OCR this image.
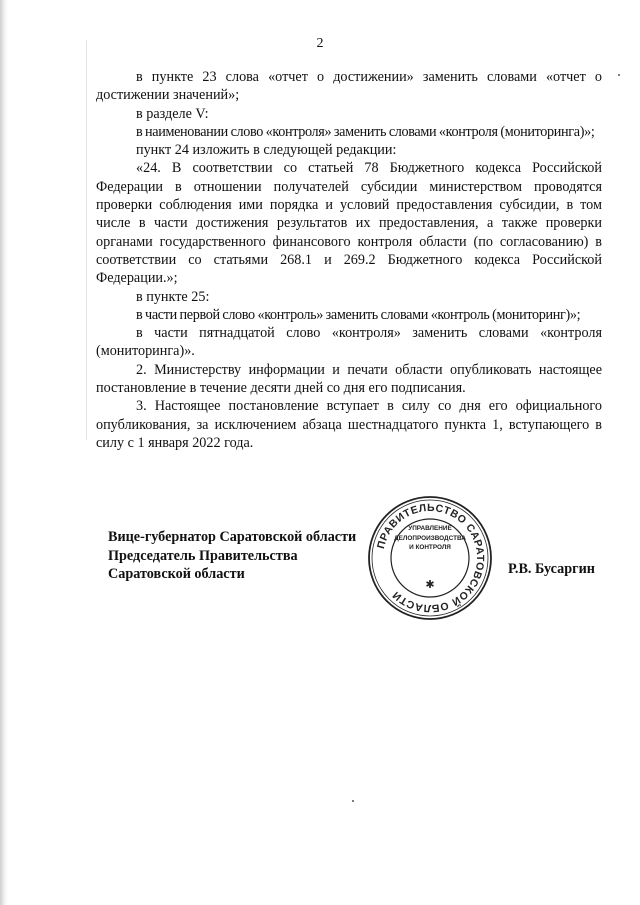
2

в пункте 23 слова «отчет о достижении» заменить словами «отчет о достижении значений»;

в разделе V:

в наименовании слово «контроля» заменить словами «контроля (мониторинга)»;

пункт 24 изложить в следующей редакции:

«24. В соответствии со статьей 78 Бюджетного кодекса Российской Федерации в отношении получателей субсидии министерством проводятся проверки соблюдения ими порядка и условий предоставления субсидии, в том числе в части достижения результатов их предоставления, а также проверки органами государственного финансового контроля области (по согласованию) в соответствии со статьями 268.1 и 269.2 Бюджетного кодекса Российской Федерации.»;

в пункте 25:

в части первой слово «контроль» заменить словами «контроль (мониторинг)»;

в части пятнадцатой слово «контроля» заменить словами «контроля (мониторинга)».

2. Министерству информации и печати области опубликовать настоящее постановление в течение десяти дней со дня его подписания.

3. Настоящее постановление вступает в силу со дня его официального опубликования, за исключением абзаца шестнадцатого пункта 1, вступающего в силу с 1 января 2022 года.

Вице-губернатор Саратовской области
Председатель Правительства
Саратовской области	Р.В. Бусаргин
ПРАВИТЕЛЬСТВО САРАТОВСКОЙ ОБЛАСТИ
УПРАВЛЕНИЕ
ДЕЛОПРОИЗВОДСТВА
И КОНТРОЛЯ
✱
